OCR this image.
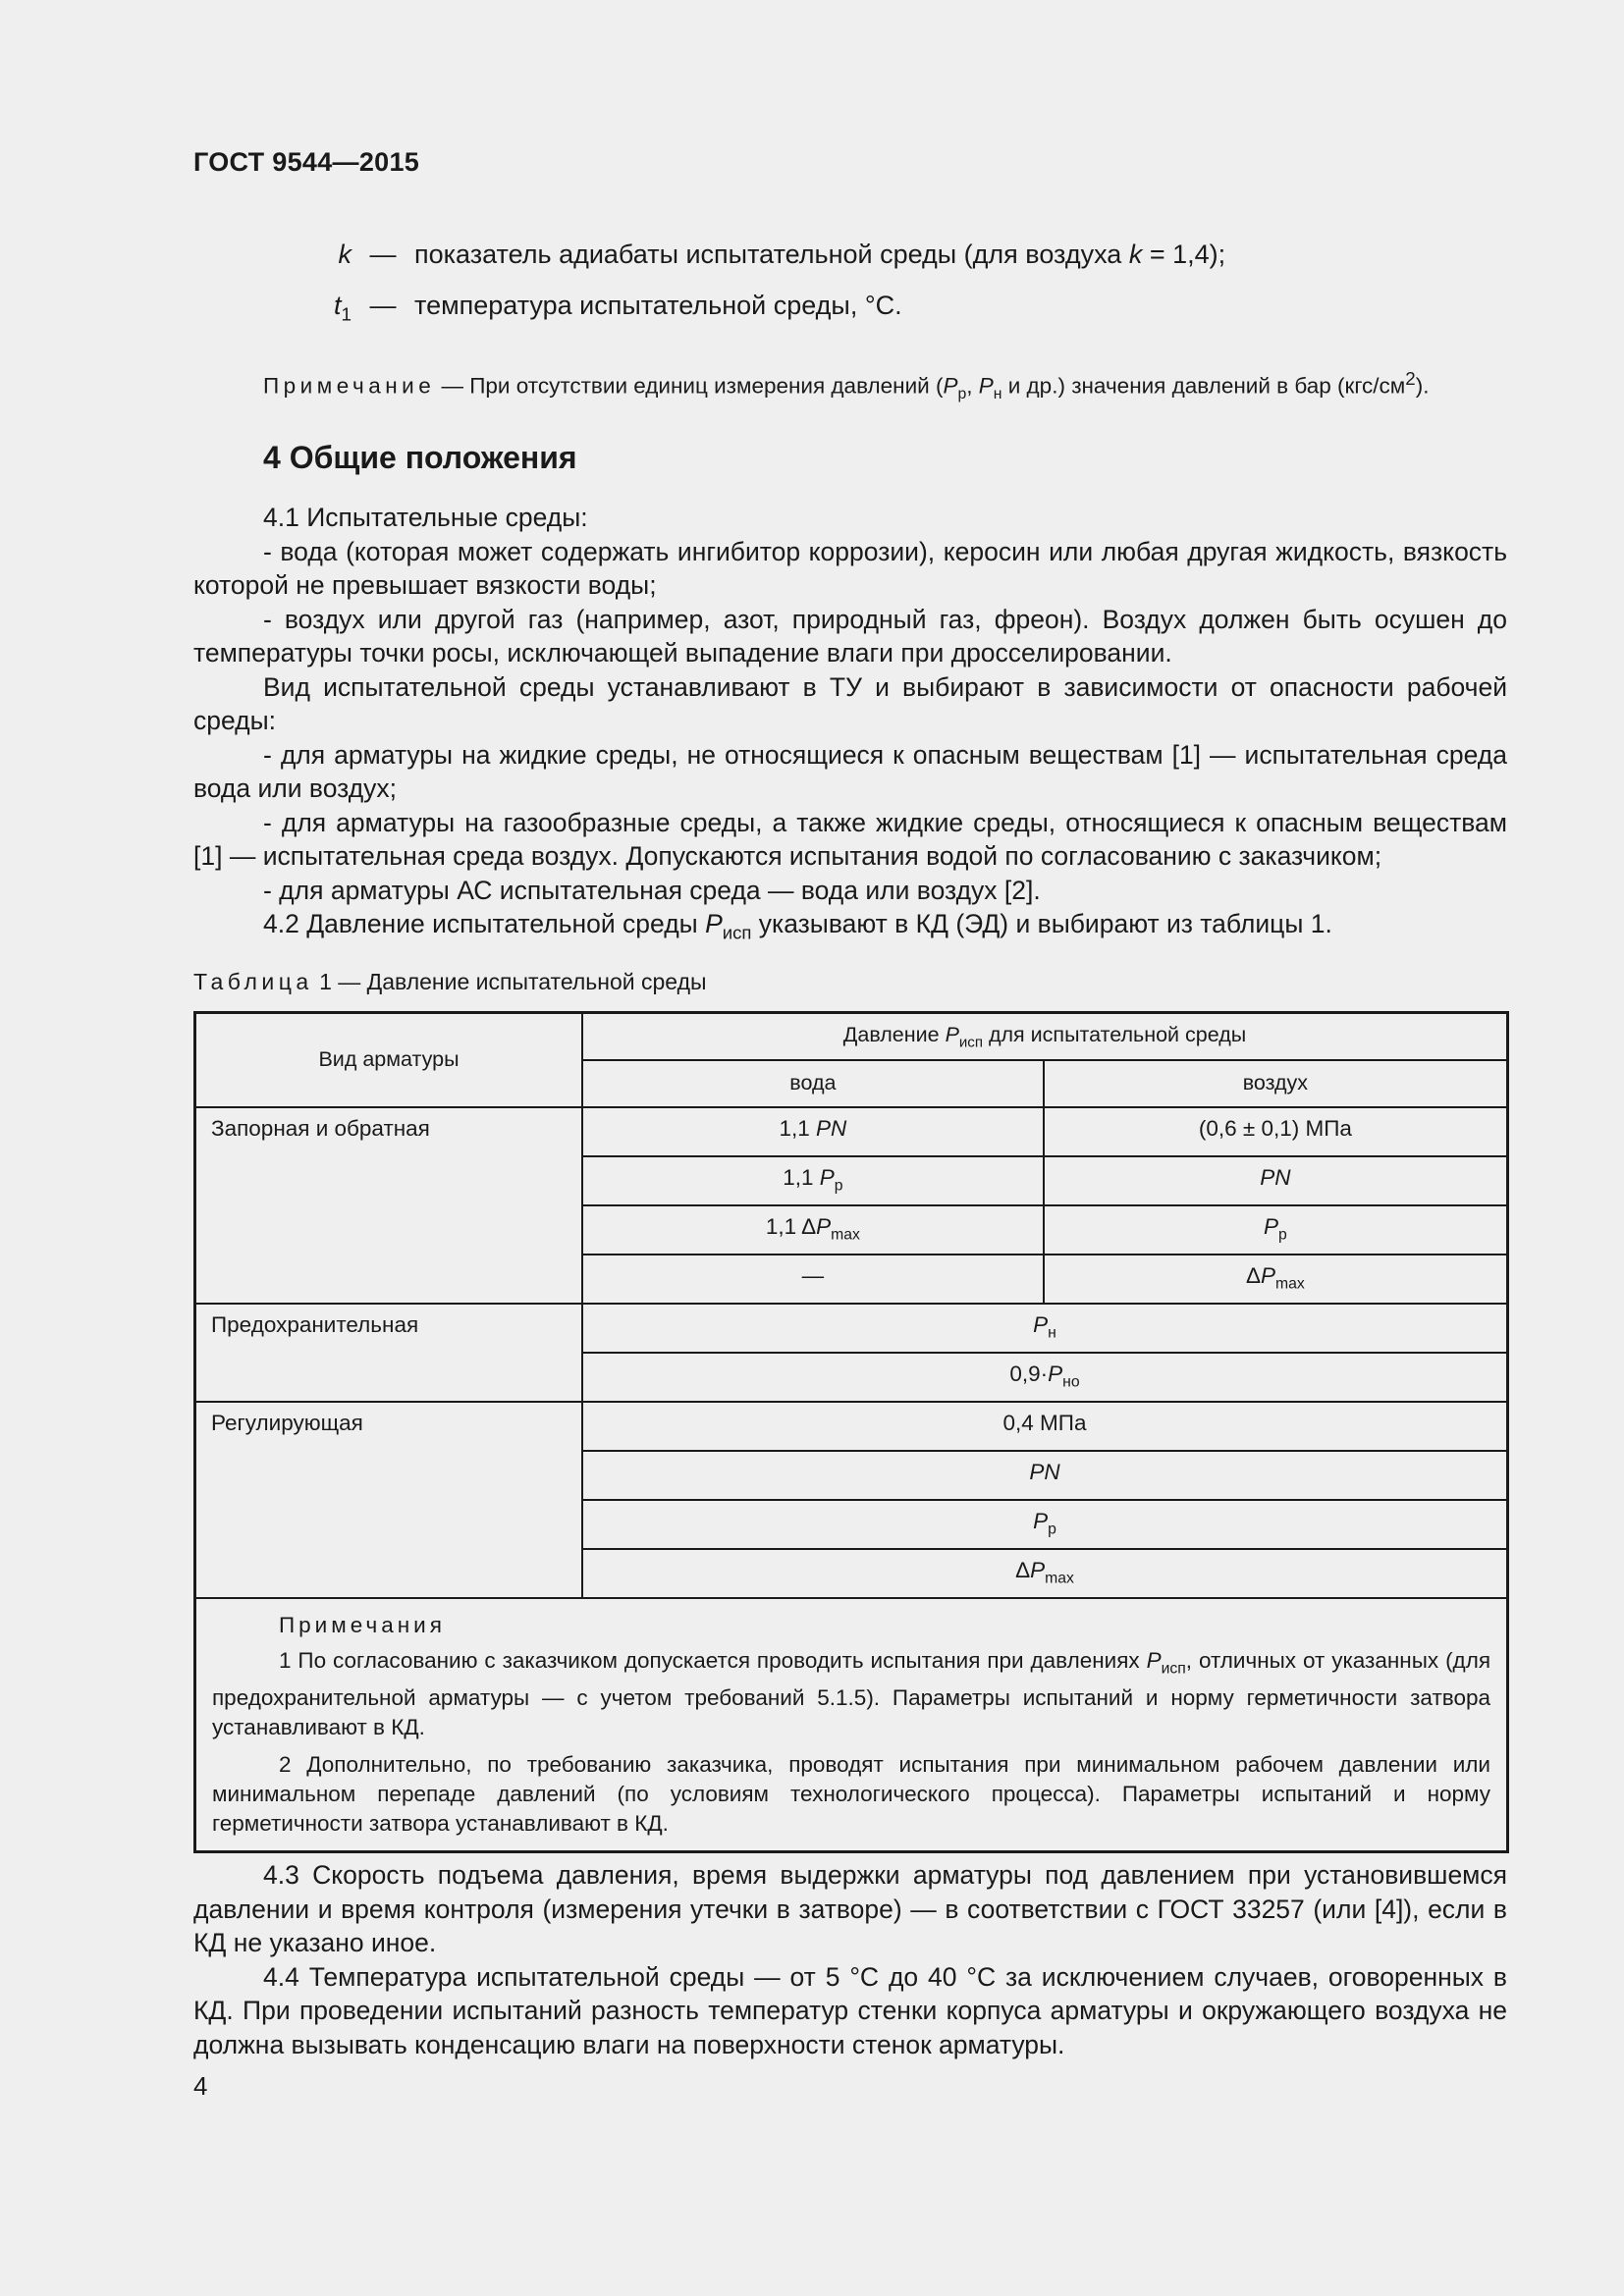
ГОСТ 9544—2015
k — показатель адиабаты испытательной среды (для воздуха k = 1,4);
$t_1$ — температура испытательной среды, °С.
Примечание — При отсутствии единиц измерения давлений ($P_р$, $P_н$ и др.) значения давлений в бар $(кгс/см^2)$.
4 Общие положения

4.1 Испытательные среды:

- вода (которая может содержать ингибитор коррозии), керосин или любая другая жидкость, вязкость которой не превышает вязкости воды;

- воздух или другой газ (например, азот, природный газ, фреон). Воздух должен быть осушен до температуры точки росы, исключающей выпадение влаги при дросселировании.

Вид испытательной среды устанавливают в ТУ и выбирают в зависимости от опасности рабочей среды:

- для арматуры на жидкие среды, не относящиеся к опасным веществам [1] — испытательная среда вода или воздух;

- для арматуры на газообразные среды, а также жидкие среды, относящиеся к опасным веществам [1] — испытательная среда воздух. Допускаются испытания водой по согласованию с заказчиком;

- для арматуры АС испытательная среда — вода или воздух [2].

4.2 Давление испытательной среды $P_{исп}$ указывают в КД (ЭД) и выбирают из таблицы 1.

Таблица 1 — Давление испытательной среды
Вид арматуры	Давление $P_{исп}$ для испытательной среды	
	вода	воздух
Запорная и обратная	1,1 PN	(0,6 ± 0,1) МПа
	1,1 $P_р$	PN
	1,1 $\Delta P_{max}$	$P_р$
	—	$\Delta P_{max}$
Предохранительная	$P_н$
	$0,9\cdot P_{но}$
Регулирующая	0,4 МПа	
	PN	
	$P_р$
	$\Delta P_{max}$

Примечания

1 По согласованию с заказчиком допускается проводить испытания при давлениях $P_{исп}$, отличных от указанных (для предохранительной арматуры — с учетом требований 5.1.5). Параметры испытаний и норму герметичности затвора устанавливают в КД.

2 Дополнительно, по требованию заказчика, проводят испытания при минимальном рабочем давлении или минимальном перепаде давлений (по условиям технологического процесса). Параметры испытаний и норму герметичности затвора устанавливают в КД.		

4.3 Скорость подъема давления, время выдержки арматуры под давлением при установившемся давлении и время контроля (измерения утечки в затворе) — в соответствии с ГОСТ 33257 (или [4]), если в КД не указано иное.

4.4 Температура испытательной среды — от 5 °С до 40 °С за исключением случаев, оговоренных в КД. При проведении испытаний разность температур стенки корпуса арматуры и окружающего воздуха не должна вызывать конденсацию влаги на поверхности стенок арматуры.

4
